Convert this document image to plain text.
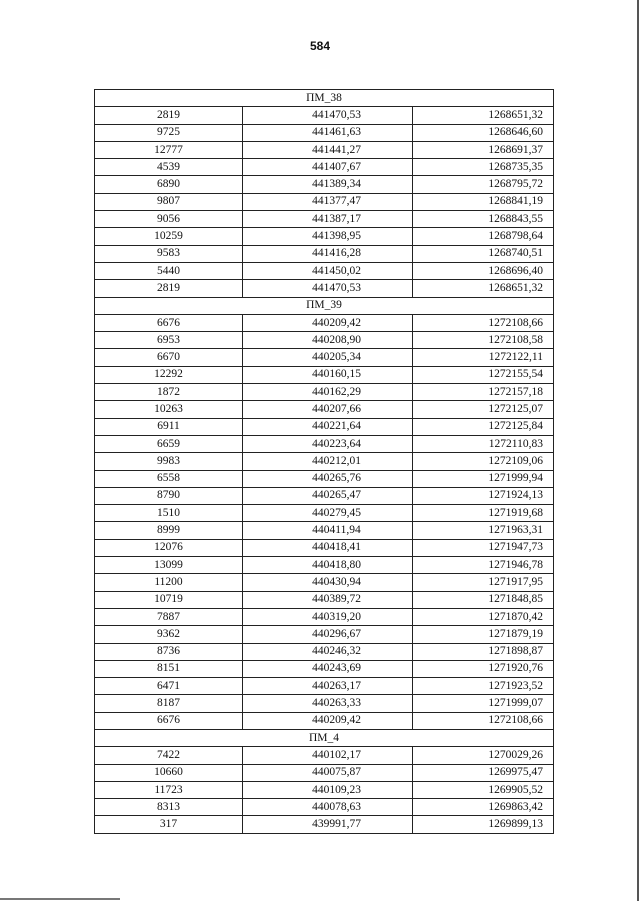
584
ПМ_38		
2819	441470,53	1268651,32
9725	441461,63	1268646,60
12777	441441,27	1268691,37
4539	441407,67	1268735,35
6890	441389,34	1268795,72
9807	441377,47	1268841,19
9056	441387,17	1268843,55
10259	441398,95	1268798,64
9583	441416,28	1268740,51
5440	441450,02	1268696,40
2819	441470,53	1268651,32
ПМ_39		
6676	440209,42	1272108,66
6953	440208,90	1272108,58
6670	440205,34	1272122,11
12292	440160,15	1272155,54
1872	440162,29	1272157,18
10263	440207,66	1272125,07
6911	440221,64	1272125,84
6659	440223,64	1272110,83
9983	440212,01	1272109,06
6558	440265,76	1271999,94
8790	440265,47	1271924,13
1510	440279,45	1271919,68
8999	440411,94	1271963,31
12076	440418,41	1271947,73
13099	440418,80	1271946,78
11200	440430,94	1271917,95
10719	440389,72	1271848,85
7887	440319,20	1271870,42
9362	440296,67	1271879,19
8736	440246,32	1271898,87
8151	440243,69	1271920,76
6471	440263,17	1271923,52
8187	440263,33	1271999,07
6676	440209,42	1272108,66
ПМ_4		
7422	440102,17	1270029,26
10660	440075,87	1269975,47
11723	440109,23	1269905,52
8313	440078,63	1269863,42
317	439991,77	1269899,13
